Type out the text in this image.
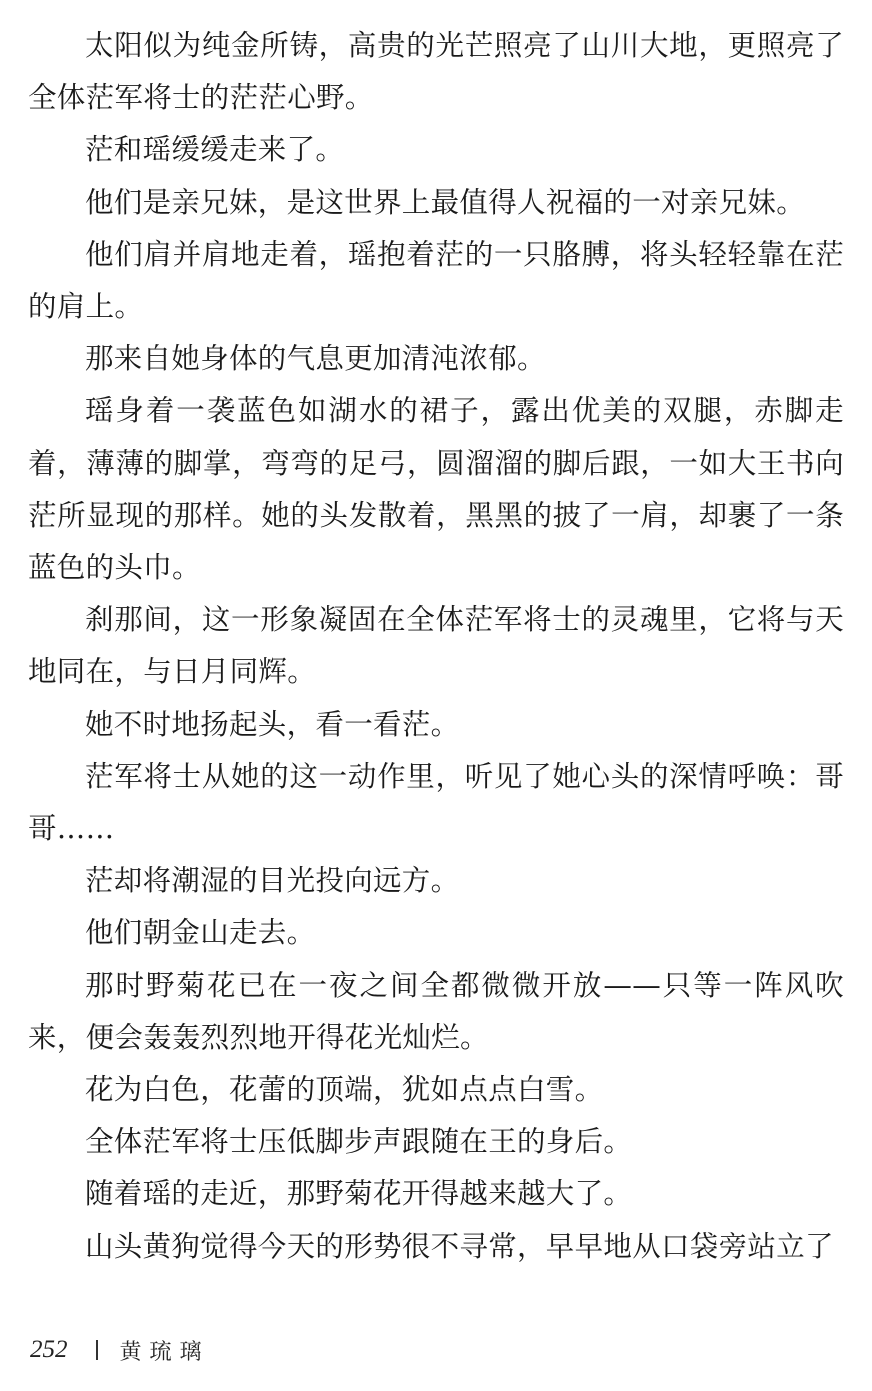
太阳似为纯金所铸，高贵的光芒照亮了山川大地，更照亮了全体茫军将士的茫茫心野。

茫和瑶缓缓走来了。

他们是亲兄妹，是这世界上最值得人祝福的一对亲兄妹。

他们肩并肩地走着，瑶抱着茫的一只胳膊，将头轻轻靠在茫的肩上。

那来自她身体的气息更加清沌浓郁。

瑶身着一袭蓝色如湖水的裙子，露出优美的双腿，赤脚走着，薄薄的脚掌，弯弯的足弓，圆溜溜的脚后跟，一如大王书向茫所显现的那样。她的头发散着，黑黑的披了一肩，却裹了一条蓝色的头巾。

刹那间，这一形象凝固在全体茫军将士的灵魂里，它将与天地同在，与日月同辉。

她不时地扬起头，看一看茫。

茫军将士从她的这一动作里，听见了她心头的深情呼唤：哥哥……

茫却将潮湿的目光投向远方。

他们朝金山走去。

那时野菊花已在一夜之间全都微微开放——只等一阵风吹来，便会轰轰烈烈地开得花光灿烂。

花为白色，花蕾的顶端，犹如点点白雪。

全体茫军将士压低脚步声跟随在王的身后。

随着瑶的走近，那野菊花开得越来越大了。

山头黄狗觉得今天的形势很不寻常，早早地从口袋旁站立了

252 黄琉璃
